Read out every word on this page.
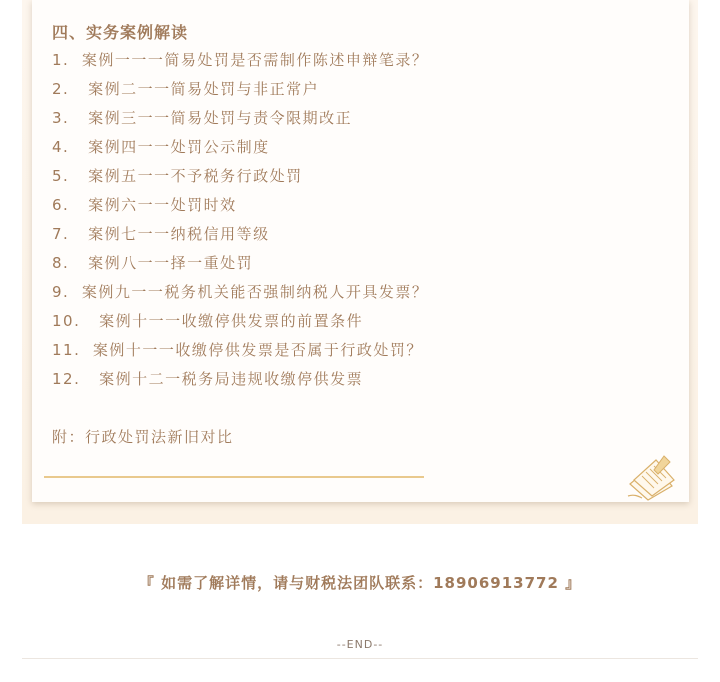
四、实务案例解读
1.  案例一一一简易处罚是否需制作陈述申辩笔录？
2.   案例二一一简易处罚与非正常户
3.   案例三一一简易处罚与责令限期改正
4.   案例四一一处罚公示制度
5.   案例五一一不予税务行政处罚
6.   案例六一一处罚时效
7.   案例七一一纳税信用等级
8.   案例八一一择一重处罚
9.  案例九一一税务机关能否强制纳税人开具发票？
10.   案例十一一收缴停供发票的前置条件
11.  案例十一一收缴停供发票是否属于行政处罚？
12.   案例十二一税务局违规收缴停供发票
附：行政处罚法新旧对比
『 如需了解详情，请与财税法团队联系：18906913772 』
--END--
